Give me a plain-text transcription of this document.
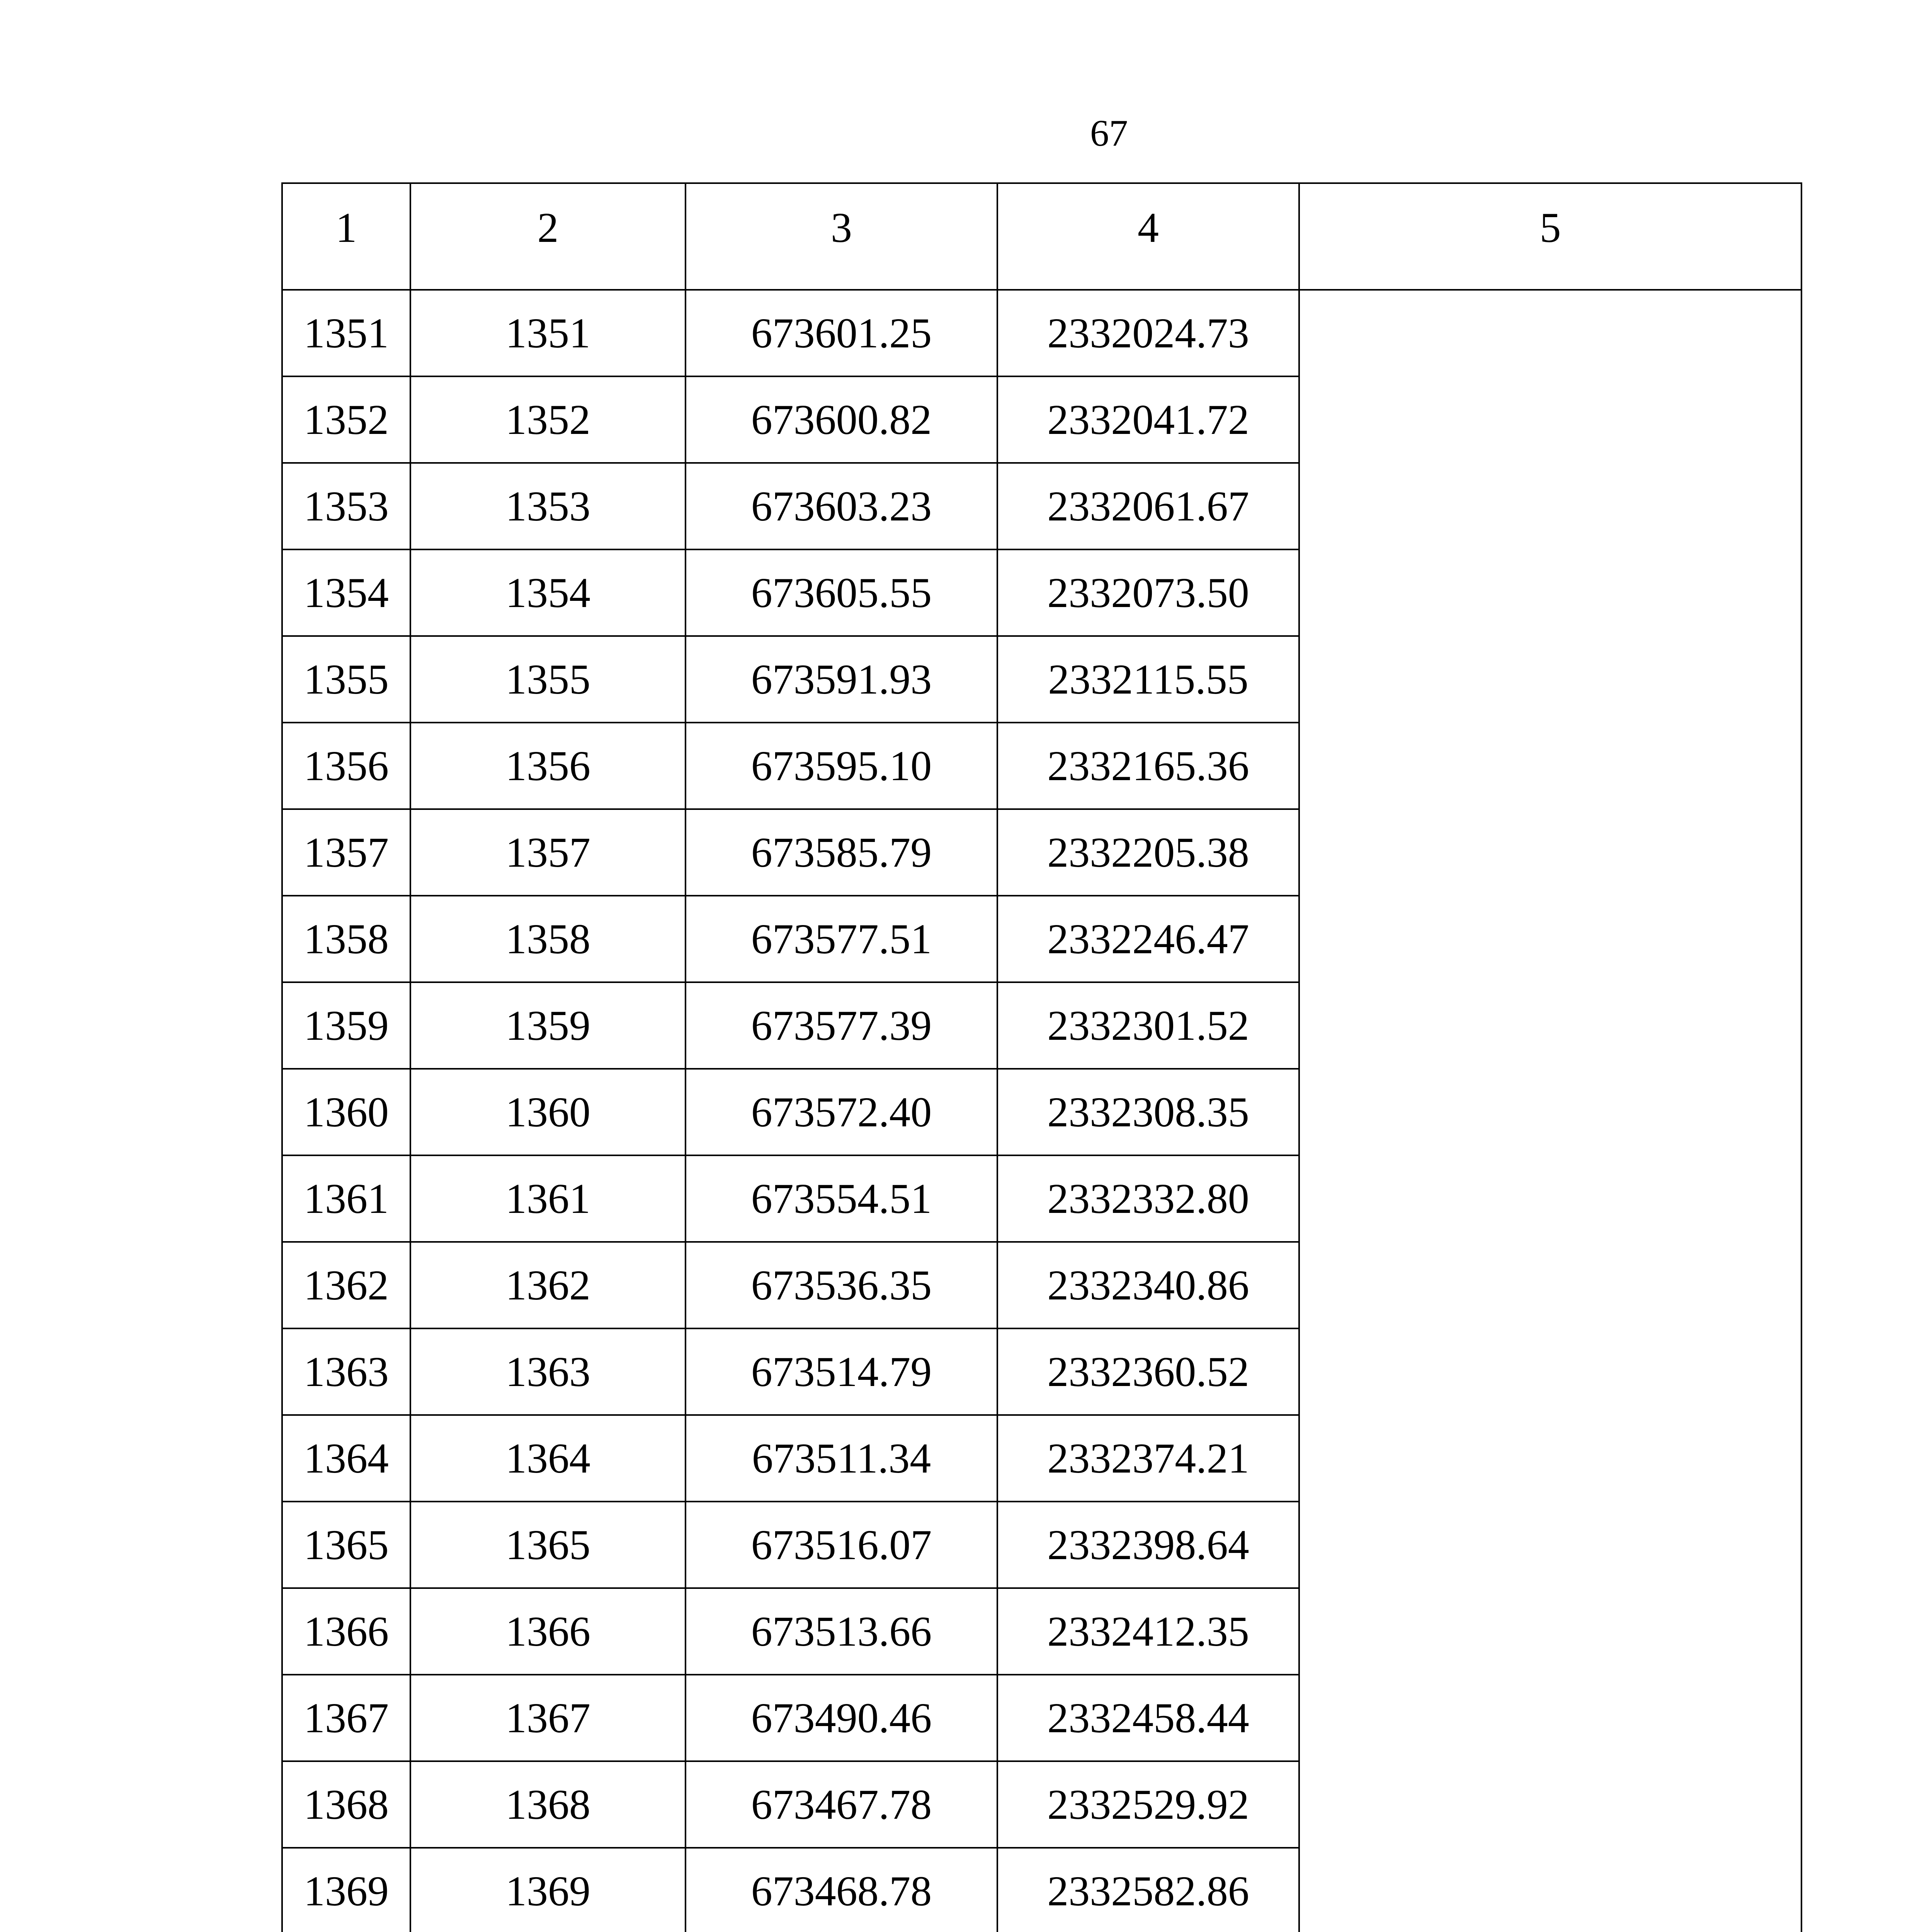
67
1	2	3	4	5
1351	1351	673601.25	2332024.73	
1352	1352	673600.82	2332041.72	
1353	1353	673603.23	2332061.67	
1354	1354	673605.55	2332073.50	
1355	1355	673591.93	2332115.55	
1356	1356	673595.10	2332165.36	
1357	1357	673585.79	2332205.38	
1358	1358	673577.51	2332246.47	
1359	1359	673577.39	2332301.52	
1360	1360	673572.40	2332308.35	
1361	1361	673554.51	2332332.80	
1362	1362	673536.35	2332340.86	
1363	1363	673514.79	2332360.52	
1364	1364	673511.34	2332374.21	
1365	1365	673516.07	2332398.64	
1366	1366	673513.66	2332412.35	
1367	1367	673490.46	2332458.44	
1368	1368	673467.78	2332529.92	
1369	1369	673468.78	2332582.86	
